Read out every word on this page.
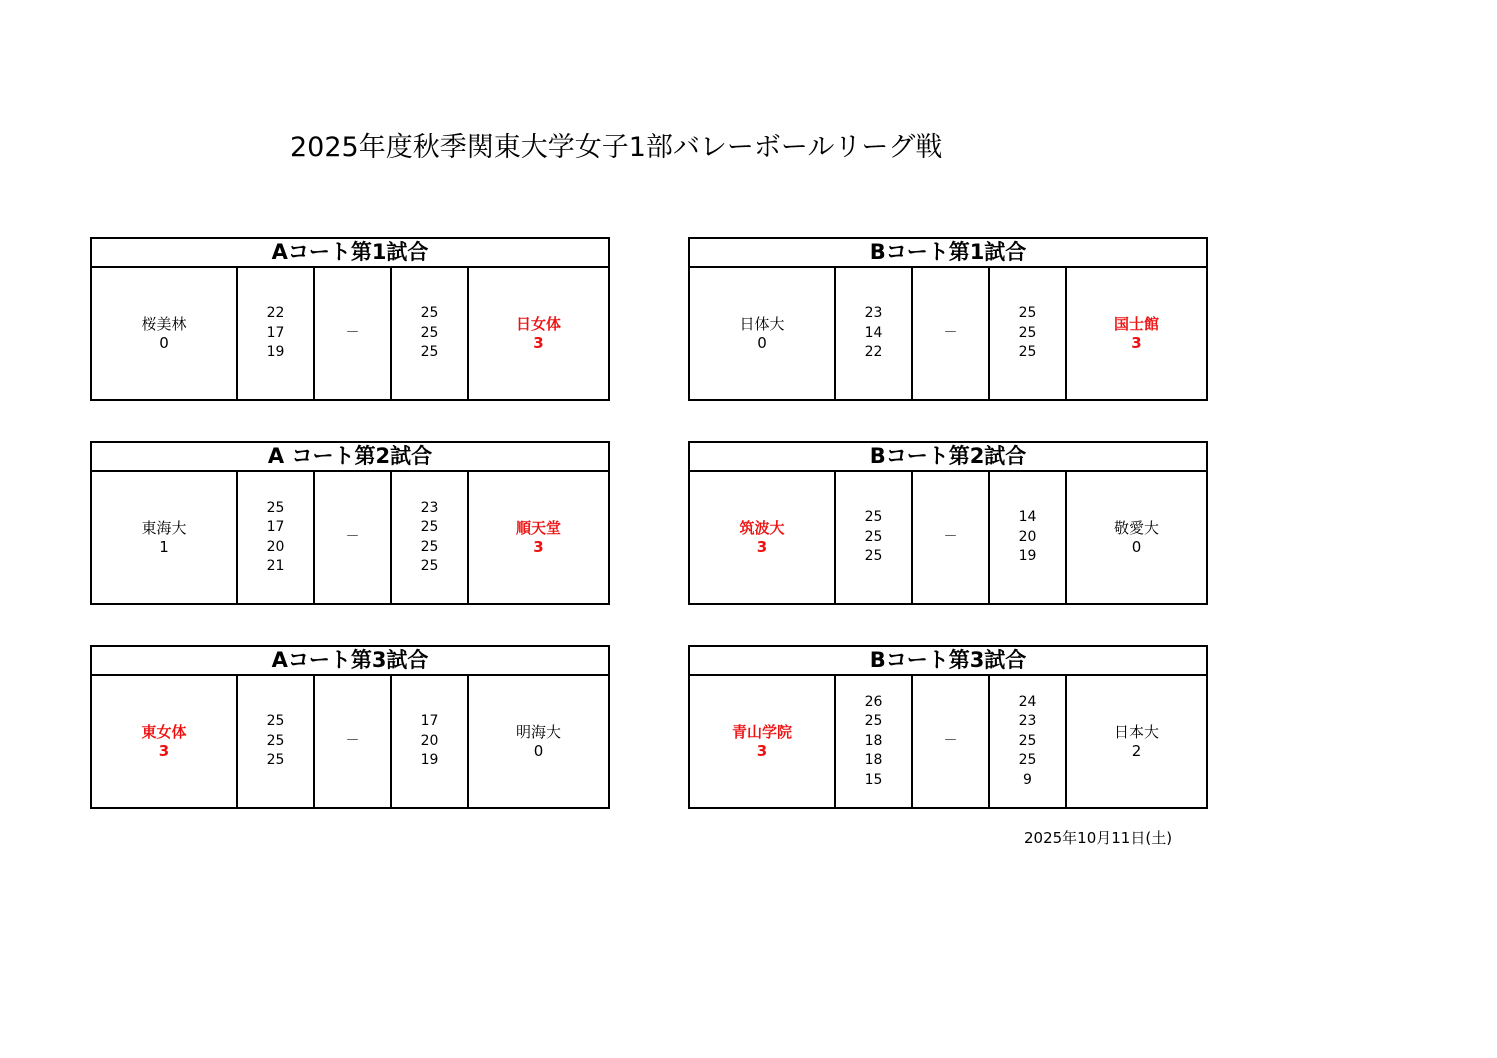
2025年度秋季関東大学女子1部バレーボールリーグ戦
Aコート第1試合
桜美林
0
22
17
19
－
25
25
25
日女体
3
Bコート第1試合
日体大
0
23
14
22
－
25
25
25
国士館
3
A コート第2試合
東海大
1
25
17
20
21
－
23
25
25
25
順天堂
3
Bコート第2試合
筑波大
3
25
25
25
－
14
20
19
敬愛大
0
Aコート第3試合
東女体
3
25
25
25
－
17
20
19
明海大
0
Bコート第3試合
青山学院
3
26
25
18
18
15
－
24
23
25
25
9
日本大
2
2025年10月11日(土)
